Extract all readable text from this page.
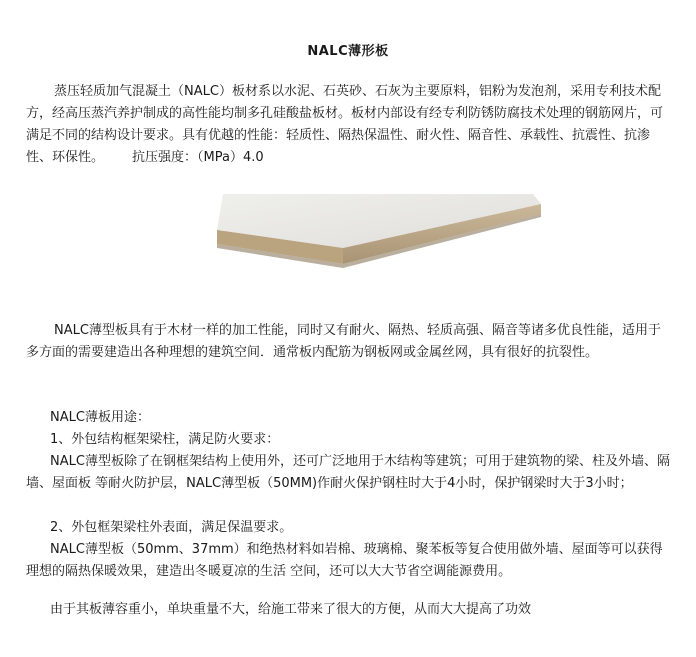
NALC薄形板

蒸压轻质加气混凝土（NALC）板材系以水泥、石英砂、石灰为主要原料，铝粉为发泡剂，采用专利技术配方，经高压蒸汽养护制成的高性能均制多孔硅酸盐板材。板材内部设有经专利防锈防腐技术处理的钢筋网片，可满足不同的结构设计要求。具有优越的性能：轻质性、隔热保温性、耐火性、隔音性、承载性、抗震性、抗渗性、环保性。 抗压强度：（MPa）4.0

NALC薄型板具有于木材一样的加工性能，同时又有耐火、隔热、轻质高强、隔音等诸多优良性能，适用于多方面的需要建造出各种理想的建筑空间．通常板内配筋为钢板网或金属丝网，具有很好的抗裂性。

NALC薄板用途：

1、外包结构框架梁柱，满足防火要求：

NALC薄型板除了在钢框架结构上使用外，还可广泛地用于木结构等建筑；可用于建筑物的梁、柱及外墙、隔墙、屋面板 等耐火防护层，NALC薄型板（50MM)作耐火保护钢柱时大于4小时，保护钢梁时大于3小时；

2、外包框架梁柱外表面，满足保温要求。

NALC薄型板（50mm、37mm）和绝热材料如岩棉、玻璃棉、聚苯板等复合使用做外墙、屋面等可以获得理想的隔热保暖效果，建造出冬暖夏凉的生活 空间，还可以大大节省空调能源费用。

由于其板薄容重小，单块重量不大，给施工带来了很大的方便，从而大大提高了功效
